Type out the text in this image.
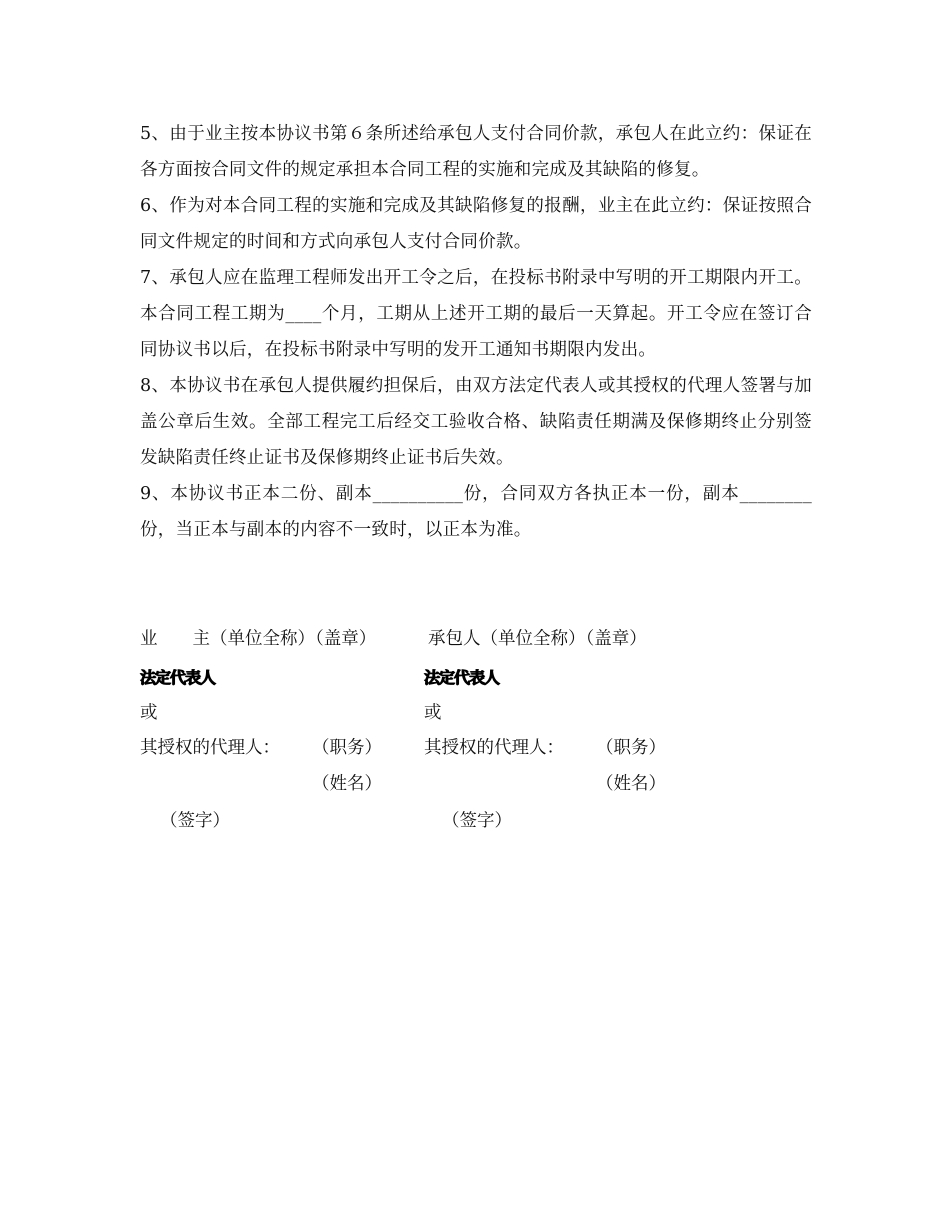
5、由于业主按本协议书第６条所述给承包人支付合同价款，承包人在此立约：保证在各方面按合同文件的规定承担本合同工程的实施和完成及其缺陷的修复。

6、作为对本合同工程的实施和完成及其缺陷修复的报酬，业主在此立约：保证按照合同文件规定的时间和方式向承包人支付合同价款。

7、承包人应在监理工程师发出开工令之后，在投标书附录中写明的开工期限内开工。本合同工程工期为____个月，工期从上述开工期的最后一天算起。开工令应在签订合同协议书以后，在投标书附录中写明的发开工通知书期限内发出。

8、本协议书在承包人提供履约担保后，由双方法定代表人或其授权的代理人签署与加盖公章后生效。全部工程完工后经交工验收合格、缺陷责任期满及保修期终止分别签发缺陷责任终止证书及保修期终止证书后失效。

9、本协议书正本二份、副本__________份，合同双方各执正本一份，副本________份，当正本与副本的内容不一致时，以正本为准。

业　　主（单位全称）（盖章）

法定代表人

或

其授权的代理人： （职务）

（姓名）

（签字）

承包人（单位全称）（盖章）

法定代表人

或

其授权的代理人： （职务）

（姓名）

（签字）
